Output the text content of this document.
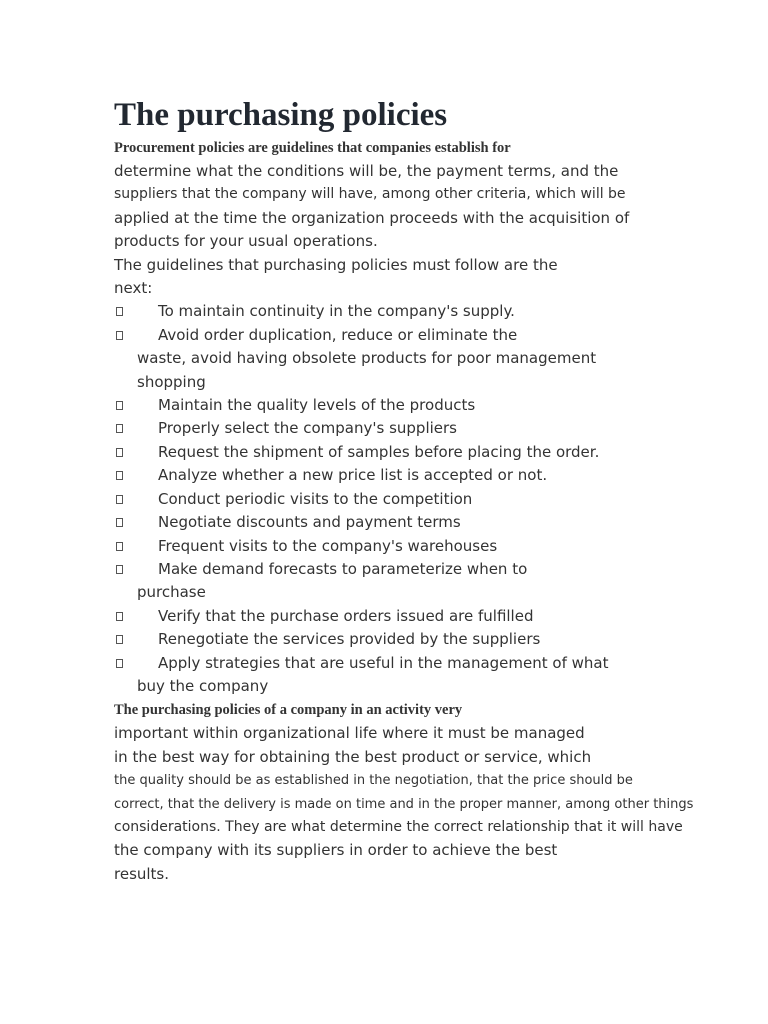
The purchasing policies

Procurement policies are guidelines that companies establish for

determine what the conditions will be, the payment terms, and the

suppliers that the company will have, among other criteria, which will be

applied at the time the organization proceeds with the acquisition of

products for your usual operations.

The guidelines that purchasing policies must follow are the

next:

To maintain continuity in the company's supply.
Avoid order duplication, reduce or eliminate the
waste, avoid having obsolete products for poor management
shopping
Maintain the quality levels of the products
Properly select the company's suppliers
Request the shipment of samples before placing the order.
Analyze whether a new price list is accepted or not.
Conduct periodic visits to the competition
Negotiate discounts and payment terms
Frequent visits to the company's warehouses
Make demand forecasts to parameterize when to
purchase
Verify that the purchase orders issued are fulfilled
Renegotiate the services provided by the suppliers
Apply strategies that are useful in the management of what
buy the company

The purchasing policies of a company in an activity very

important within organizational life where it must be managed

in the best way for obtaining the best product or service, which

the quality should be as established in the negotiation, that the price should be

correct, that the delivery is made on time and in the proper manner, among other things

considerations. They are what determine the correct relationship that it will have

the company with its suppliers in order to achieve the best

results.
